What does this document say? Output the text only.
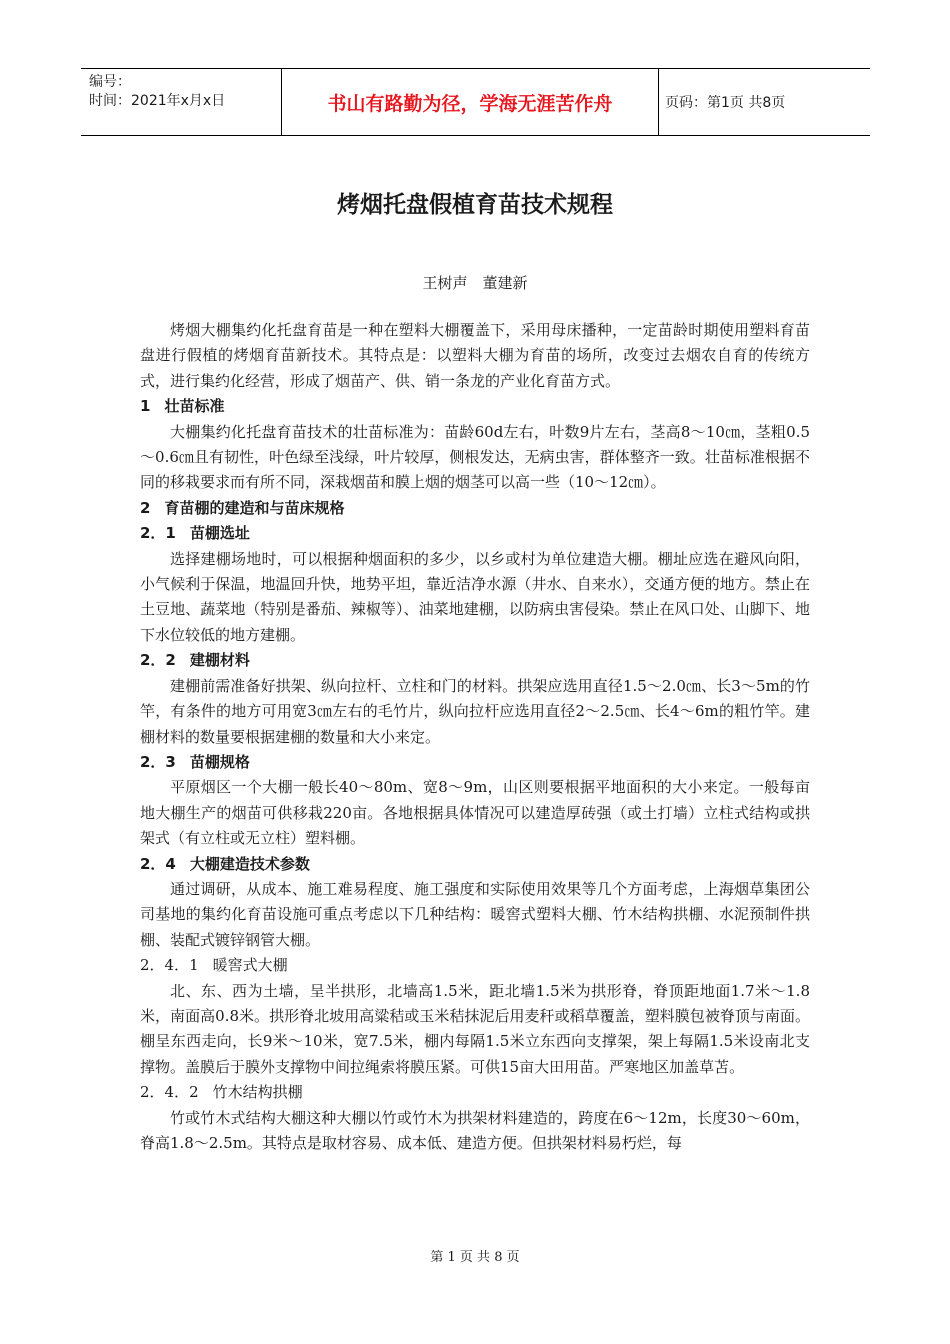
编号：
时间：2021年x月x日	书山有路勤为径，学海无涯苦作舟	页码：第1页 共8页
烤烟托盘假植育苗技术规程
王树声　董建新

烤烟大棚集约化托盘育苗是一种在塑料大棚覆盖下，采用母床播种，一定苗龄时期使用塑料育苗盘进行假植的烤烟育苗新技术。其特点是：以塑料大棚为育苗的场所，改变过去烟农自育的传统方式，进行集约化经营，形成了烟苗产、供、销一条龙的产业化育苗方式。

1 壮苗标准

大棚集约化托盘育苗技术的壮苗标准为：苗龄60d左右，叶数9片左右，茎高8～10㎝，茎粗0.5～0.6㎝且有韧性，叶色绿至浅绿，叶片较厚，侧根发达，无病虫害，群体整齐一致。壮苗标准根据不同的移栽要求而有所不同，深栽烟苗和膜上烟的烟茎可以高一些（10～12㎝）。

2 育苗棚的建造和与苗床规格

2．1 苗棚选址

选择建棚场地时，可以根据种烟面积的多少，以乡或村为单位建造大棚。棚址应选在避风向阳，小气候利于保温，地温回升快，地势平坦，靠近洁净水源（井水、自来水），交通方便的地方。禁止在土豆地、蔬菜地（特别是番茄、辣椒等）、油菜地建棚，以防病虫害侵染。禁止在风口处、山脚下、地下水位较低的地方建棚。

2．2 建棚材料

建棚前需准备好拱架、纵向拉杆、立柱和门的材料。拱架应选用直径1.5～2.0㎝、长3～5m的竹竿，有条件的地方可用宽3㎝左右的毛竹片，纵向拉杆应选用直径2～2.5㎝、长4～6m的粗竹竿。建棚材料的数量要根据建棚的数量和大小来定。

2．3 苗棚规格

平原烟区一个大棚一般长40～80m、宽8～9m，山区则要根据平地面积的大小来定。一般每亩地大棚生产的烟苗可供移栽220亩。各地根据具体情况可以建造厚砖强（或土打墙）立柱式结构或拱架式（有立柱或无立柱）塑料棚。

2．4 大棚建造技术参数

通过调研，从成本、施工难易程度、施工强度和实际使用效果等几个方面考虑，上海烟草集团公司基地的集约化育苗设施可重点考虑以下几种结构：暖窖式塑料大棚、竹木结构拱棚、水泥预制件拱棚、装配式镀锌钢管大棚。

2．4．1 暖窖式大棚

北、东、西为土墙，呈半拱形，北墙高1.5米，距北墙1.5米为拱形脊，脊顶距地面1.7米～1.8米，南面高0.8米。拱形脊北坡用高粱秸或玉米秸抹泥后用麦秆或稻草覆盖，塑料膜包被脊顶与南面。棚呈东西走向，长9米～10米，宽7.5米，棚内每隔1.5米立东西向支撑架，架上每隔1.5米设南北支撑物。盖膜后于膜外支撑物中间拉绳索将膜压紧。可供15亩大田用苗。严寒地区加盖草苫。

2．4．2 竹木结构拱棚

竹或竹木式结构大棚这种大棚以竹或竹木为拱架材料建造的，跨度在6～12m，长度30～60m，脊高1.8～2.5m。其特点是取材容易、成本低、建造方便。但拱架材料易朽烂，每

第 1 页 共 8 页
